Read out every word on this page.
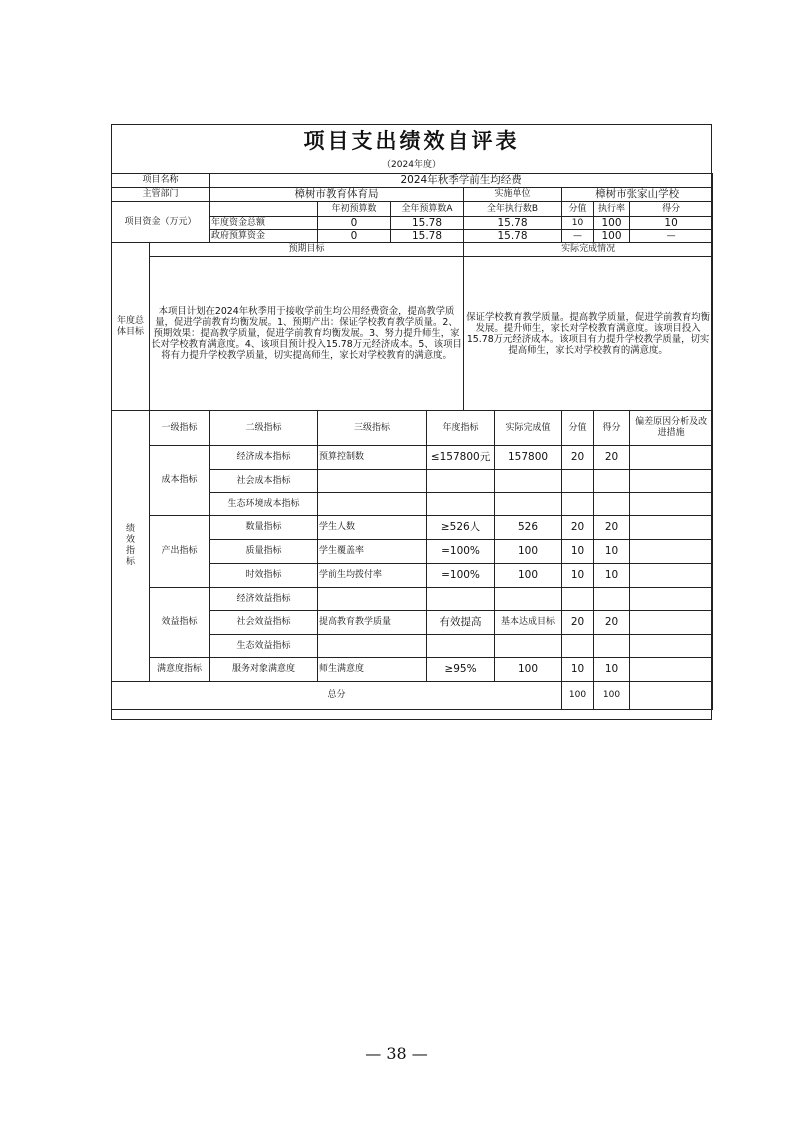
项目支出绩效自评表
（2024年度）
项目名称		2024年秋季学前生均经费								
主管部门		樟树市教育体育局				实施单位		樟树市张家山学校		
项目资金（万元）			年初预算数	全年预算数A		全年执行数B		分值	执行率	得分
		年度资金总额	0	15.78		15.78		10	100	10
		政府预算资金	0	15.78		15.78		—	100	—
年度总体目标	预期目标					实际完成情况				
	本项目计划在2024年秋季用于接收学前生均公用经费资金，提高教学质量，促进学前教育均衡发展。1、预期产出：保证学校教育教学质量。2、预期效果：提高教学质量，促进学前教育均衡发展。3、努力提升师生，家长对学校教育满意度。4、该项目预计投入15.78万元经济成本。5、该项目将有力提升学校教学质量，切实提高师生，家长对学校教育的满意度。					保证学校教育教学质量。提高教学质量，促进学前教育均衡发展。提升师生，家长对学校教育满意度。该项目投入15.78万元经济成本。该项目有力提升学校教学质量，切实提高师生，家长对学校教育的满意度。				
绩效指标	一级指标	二级指标	三级指标		年度指标		实际完成值	分值	得分	偏差原因分析及改进措施
	成本指标	经济成本指标	预算控制数		≤157800元		157800	20	20	
		社会成本指标								
		生态环境成本指标								
	产出指标	数量指标	学生人数		≥526人		526	20	20	
		质量指标	学生覆盖率		=100%		100	10	10	
		时效指标	学前生均拨付率		=100%		100	10	10	
	效益指标	经济效益指标								
		社会效益指标	提高教育教学质量		有效提高		基本达成目标	20	20	
		生态效益指标								
	满意度指标	服务对象满意度	师生满意度		≥95%		100	10	10	
总分								100	100	
— 38 —
